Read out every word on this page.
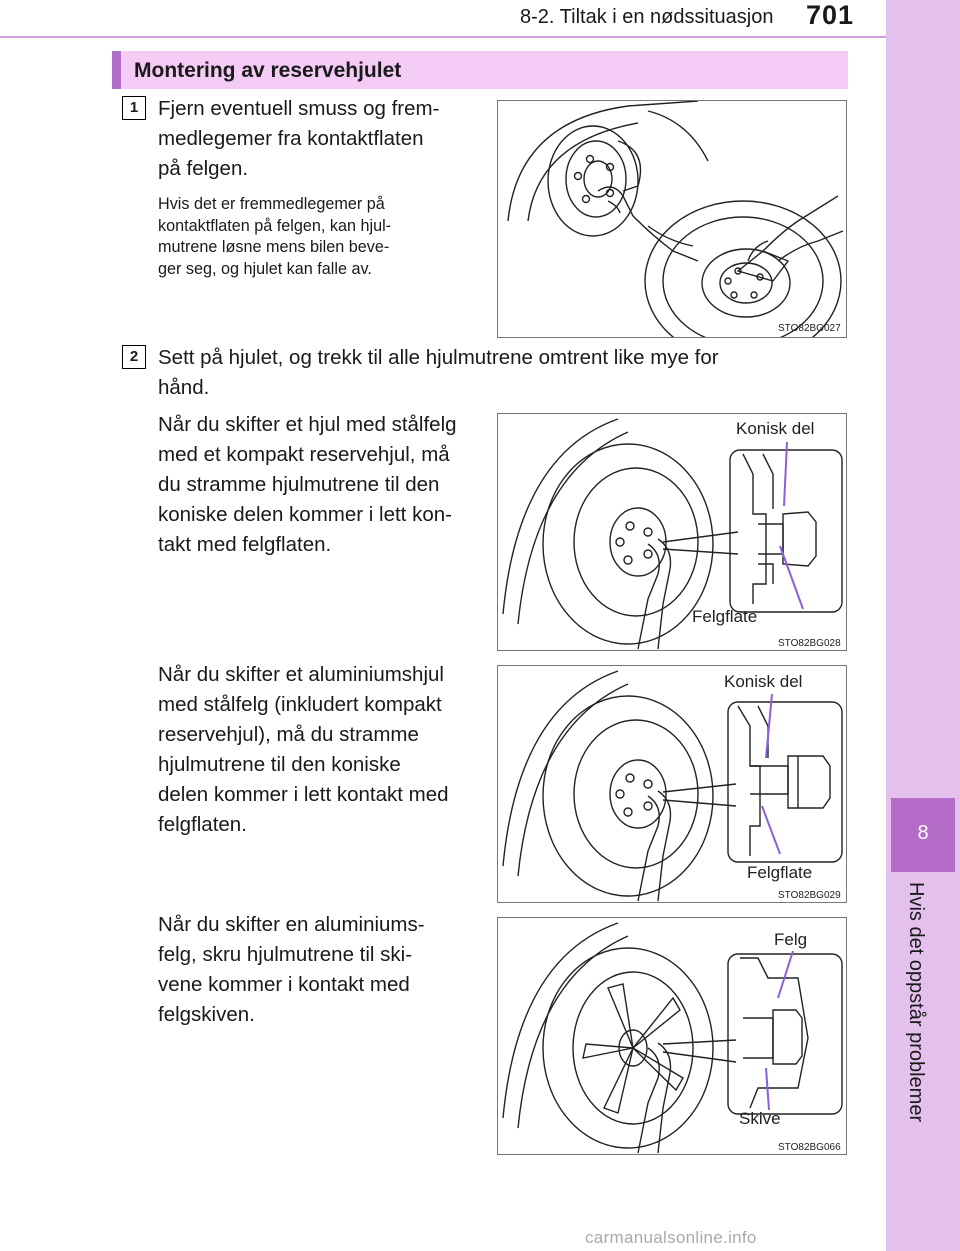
8-2. Tiltak i en nødssituasjon 701
8
Hvis det oppstår problemer
Montering av reservehjulet
1 Fjern eventuell smuss og frem-
medlegemer fra kontaktflaten
på felgen.
Hvis det er fremmedlegemer på
kontaktflaten på felgen, kan hjul-
mutrene løsne mens bilen beve-
ger seg, og hjulet kan falle av.
STO82BG027
2 Sett på hjulet, og trekk til alle hjulmutrene omtrent like mye for
hånd.
Når du skifter et hjul med stålfelg
med et kompakt reservehjul, må
du stramme hjulmutrene til den
koniske delen kommer i lett kon-
takt med felgflaten.
Konisk del
Felgflate
STO82BG028
Når du skifter et aluminiumshjul
med stålfelg (inkludert kompakt
reservehjul), må du stramme
hjulmutrene til den koniske
delen kommer i lett kontakt med
felgflaten.
Konisk del
Felgflate
STO82BG029
Når du skifter en aluminiums-
felg, skru hjulmutrene til ski-
vene kommer i kontakt med
felgskiven.
Felg
Skive
STO82BG066
carmanualsonline.info
